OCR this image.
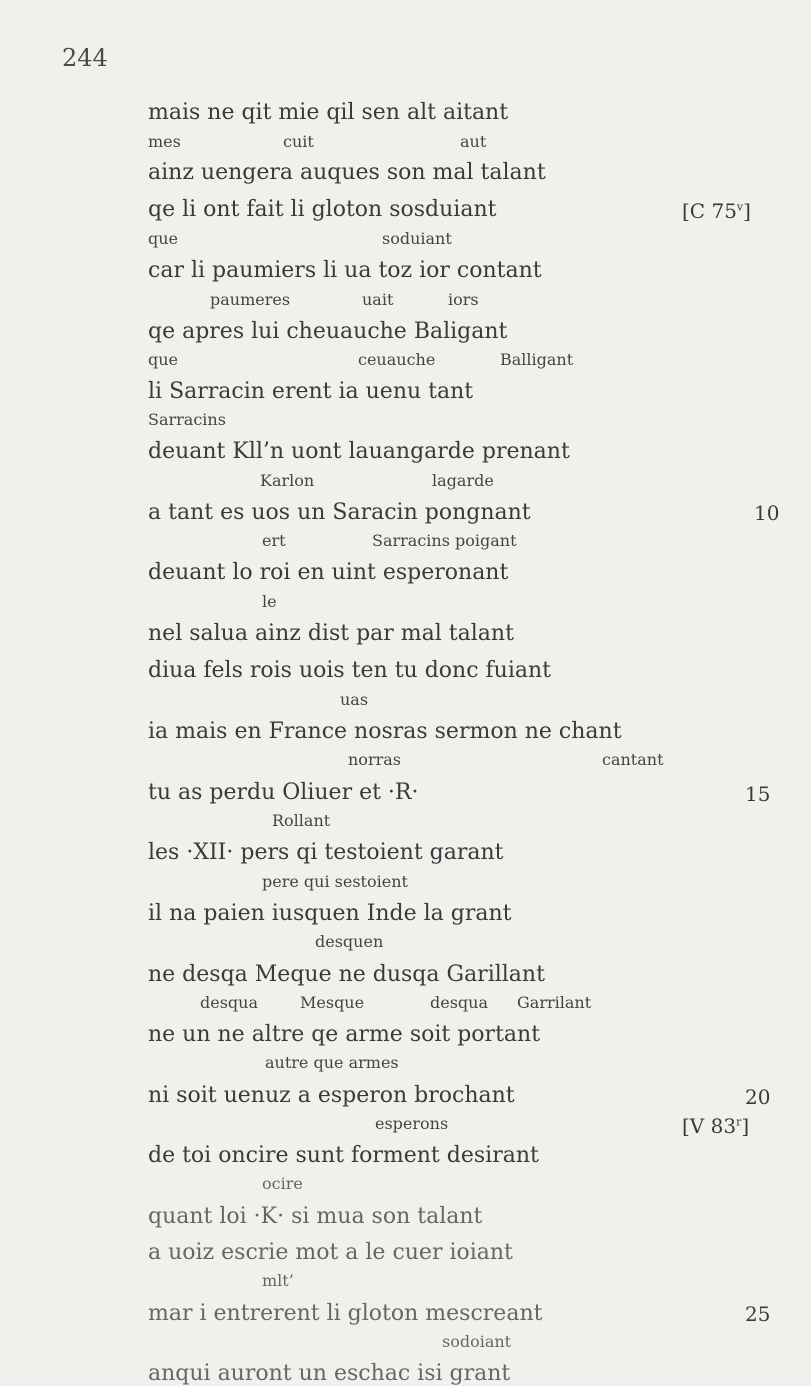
244
mais ne qit mie qil sen alt aitant
ainz uengera auques son mal talant
qe li ont fait li gloton sosduiant
car li paumiers li ua toz ior contant
qe apres lui cheuauche Baligant
li Sarracin erent ia uenu tant
deuant Kll’n uont lauangarde prenant
a tant es uos un Saracin pongnant
deuant lo roi en uint esperonant
nel salua ainz dist par mal talant
diua fels rois uois ten tu donc fuiant
ia mais en France nosras sermon ne chant
tu as perdu Oliuer et ·R·
les ·XII· pers qi testoient garant
il na paien iusquen Inde la grant
ne desqa Meque ne dusqa Garillant
ne un ne altre qe arme soit portant
ni soit uenuz a esperon brochant
de toi oncire sunt forment desirant
quant loi ·K· si mua son talant
a uoiz escrie mot a le cuer ioiant
mar i entrerent li gloton mescreant
anqui auront un eschac isi grant
mes	cuit	aut
que	soduiant
paumeres	uait	iors
que	ceuauche	Balligant
Sarracins
Karlon	lagarde
ert	Sarracins poigant
le
uas
norras	cantant
Rollant
pere qui sestoient
desquen
desqua	Mesque	desqua Garrilant
autre que armes
esperons
ocire
mlt’
sodoiant
[C 75$^v$]
10
15
20
[V 83$^r$]
25
